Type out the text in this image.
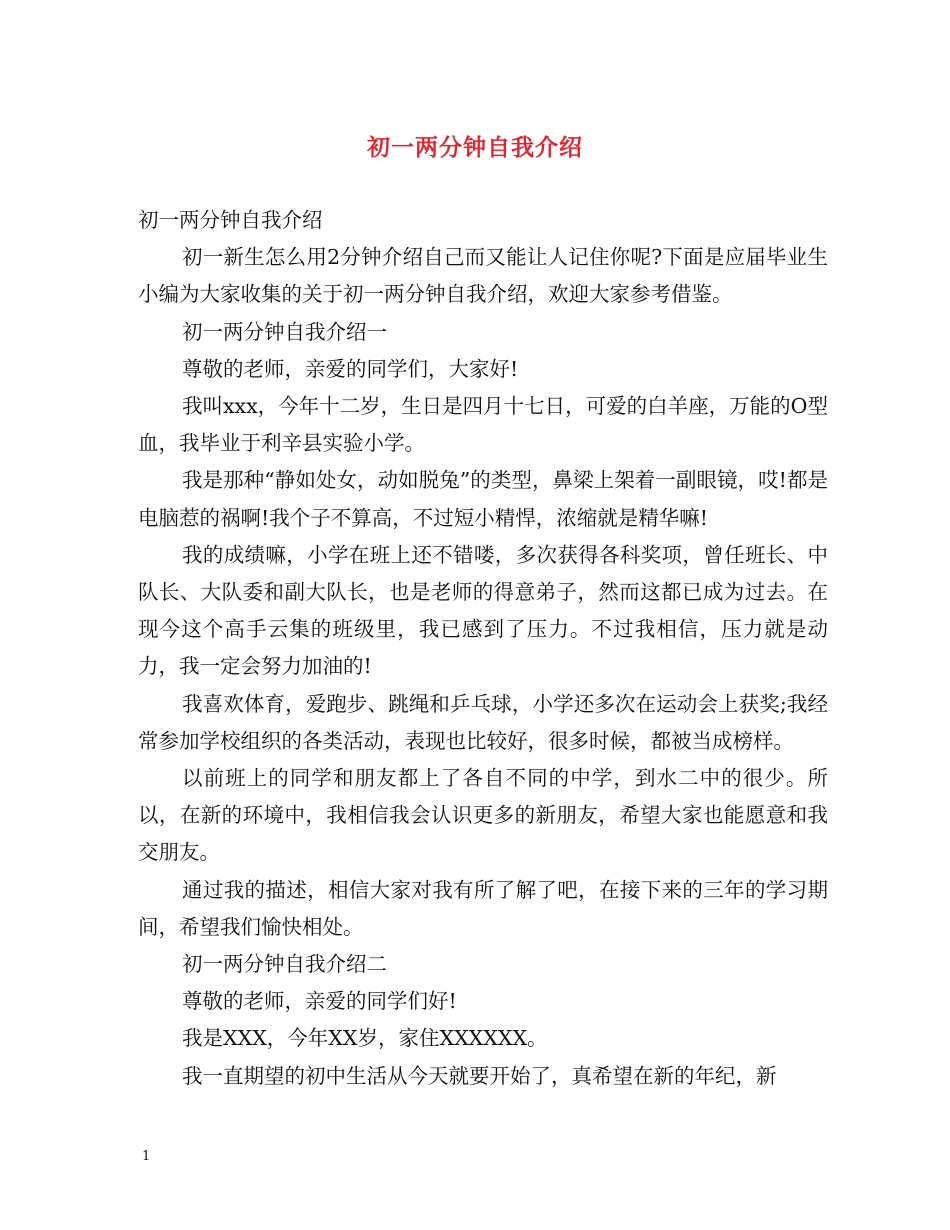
初一两分钟自我介绍

初一两分钟自我介绍

初一新生怎么用2分钟介绍自己而又能让人记住你呢?下面是应届毕业生小编为大家收集的关于初一两分钟自我介绍，欢迎大家参考借鉴。

初一两分钟自我介绍一

尊敬的老师，亲爱的同学们，大家好!

我叫xxx，今年十二岁，生日是四月十七日，可爱的白羊座，万能的O型血，我毕业于利辛县实验小学。

我是那种“静如处女，动如脱兔”的类型，鼻梁上架着一副眼镜，哎!都是电脑惹的祸啊!我个子不算高，不过短小精悍，浓缩就是精华嘛!

我的成绩嘛，小学在班上还不错喽，多次获得各科奖项，曾任班长、中队长、大队委和副大队长，也是老师的得意弟子，然而这都已成为过去。在现今这个高手云集的班级里，我已感到了压力。不过我相信，压力就是动力，我一定会努力加油的!

我喜欢体育，爱跑步、跳绳和乒乓球，小学还多次在运动会上获奖;我经常参加学校组织的各类活动，表现也比较好，很多时候，都被当成榜样。

以前班上的同学和朋友都上了各自不同的中学，到水二中的很少。所以，在新的环境中，我相信我会认识更多的新朋友，希望大家也能愿意和我交朋友。

通过我的描述，相信大家对我有所了解了吧，在接下来的三年的学习期间，希望我们愉快相处。

初一两分钟自我介绍二

尊敬的老师，亲爱的同学们好!

我是XXX，今年XX岁，家住XXXXXX。

我一直期望的初中生活从今天就要开始了，真希望在新的年纪，新

1
